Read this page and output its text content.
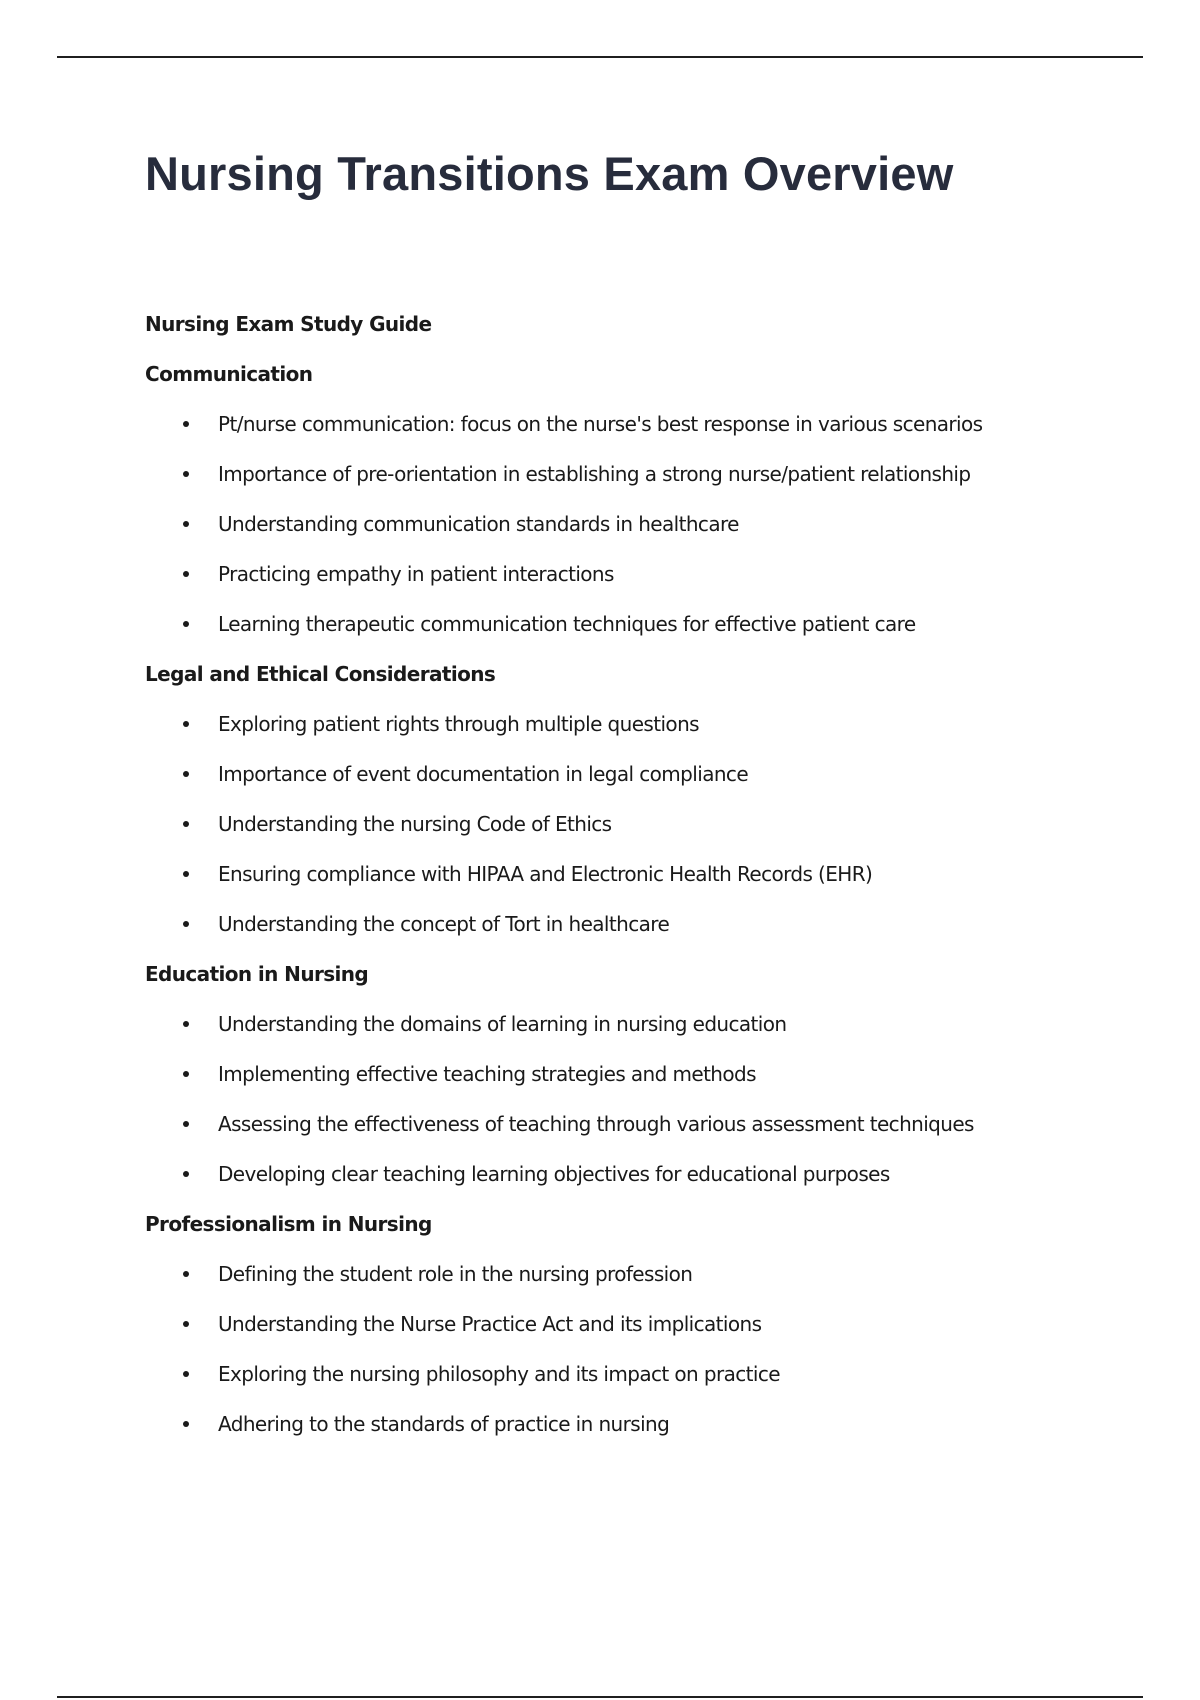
Nursing Transitions Exam Overview

Nursing Exam Study Guide

Communication

Pt/nurse communication: focus on the nurse's best response in various scenarios
Importance of pre-orientation in establishing a strong nurse/patient relationship
Understanding communication standards in healthcare
Practicing empathy in patient interactions
Learning therapeutic communication techniques for effective patient care

Legal and Ethical Considerations

Exploring patient rights through multiple questions
Importance of event documentation in legal compliance
Understanding the nursing Code of Ethics
Ensuring compliance with HIPAA and Electronic Health Records (EHR)
Understanding the concept of Tort in healthcare

Education in Nursing

Understanding the domains of learning in nursing education
Implementing effective teaching strategies and methods
Assessing the effectiveness of teaching through various assessment techniques
Developing clear teaching learning objectives for educational purposes

Professionalism in Nursing

Defining the student role in the nursing profession
Understanding the Nurse Practice Act and its implications
Exploring the nursing philosophy and its impact on practice
Adhering to the standards of practice in nursing
